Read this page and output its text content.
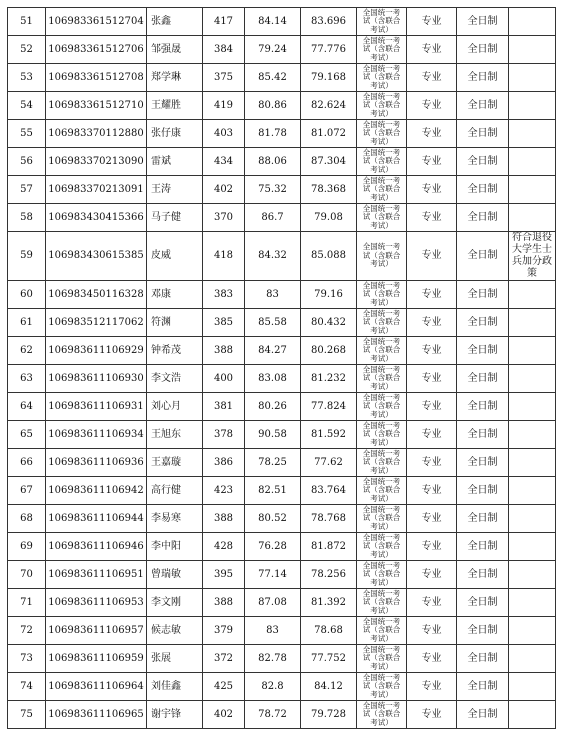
51	106983361512704	张鑫	417	84.14	83.696	全国统一考试（含联合考试）	专业	全日制	

52	106983361512706	邹强晟	384	79.24	77.776	全国统一考试（含联合考试）	专业	全日制	

53	106983361512708	郑学琳	375	85.42	79.168	全国统一考试（含联合考试）	专业	全日制	

54	106983361512710	王耀胜	419	80.86	82.624	全国统一考试（含联合考试）	专业	全日制	

55	106983370112880	张仔康	403	81.78	81.072	全国统一考试（含联合考试）	专业	全日制	

56	106983370213090	雷斌	434	88.06	87.304	全国统一考试（含联合考试）	专业	全日制	

57	106983370213091	王涛	402	75.32	78.368	全国统一考试（含联合考试）	专业	全日制	

58	106983430415366	马子健	370	86.7	79.08	全国统一考试（含联合考试）	专业	全日制	

59	106983430615385	皮威	418	84.32	85.088	全国统一考试（含联合考试）	专业	全日制	符合退役大学生士兵加分政策

60	106983450116328	邓康	383	83	79.16	全国统一考试（含联合考试）	专业	全日制	

61	106983512117062	符渊	385	85.58	80.432	全国统一考试（含联合考试）	专业	全日制	

62	106983611106929	钟希茂	388	84.27	80.268	全国统一考试（含联合考试）	专业	全日制	

63	106983611106930	李文浩	400	83.08	81.232	全国统一考试（含联合考试）	专业	全日制	

64	106983611106931	刘心月	381	80.26	77.824	全国统一考试（含联合考试）	专业	全日制	

65	106983611106934	王旭东	378	90.58	81.592	全国统一考试（含联合考试）	专业	全日制	

66	106983611106936	王嘉璇	386	78.25	77.62	全国统一考试（含联合考试）	专业	全日制	

67	106983611106942	高行健	423	82.51	83.764	全国统一考试（含联合考试）	专业	全日制	

68	106983611106944	李易寒	388	80.52	78.768	全国统一考试（含联合考试）	专业	全日制	

69	106983611106946	李中阳	428	76.28	81.872	全国统一考试（含联合考试）	专业	全日制	

70	106983611106951	曾瑞敏	395	77.14	78.256	全国统一考试（含联合考试）	专业	全日制	

71	106983611106953	李文刚	388	87.08	81.392	全国统一考试（含联合考试）	专业	全日制	

72	106983611106957	候志敏	379	83	78.68	全国统一考试（含联合考试）	专业	全日制	

73	106983611106959	张展	372	82.78	77.752	全国统一考试（含联合考试）	专业	全日制	

74	106983611106964	刘佳鑫	425	82.8	84.12	全国统一考试（含联合考试）	专业	全日制	

75	106983611106965	谢宇锋	402	78.72	79.728	全国统一考试（含联合考试）	专业	全日制	
